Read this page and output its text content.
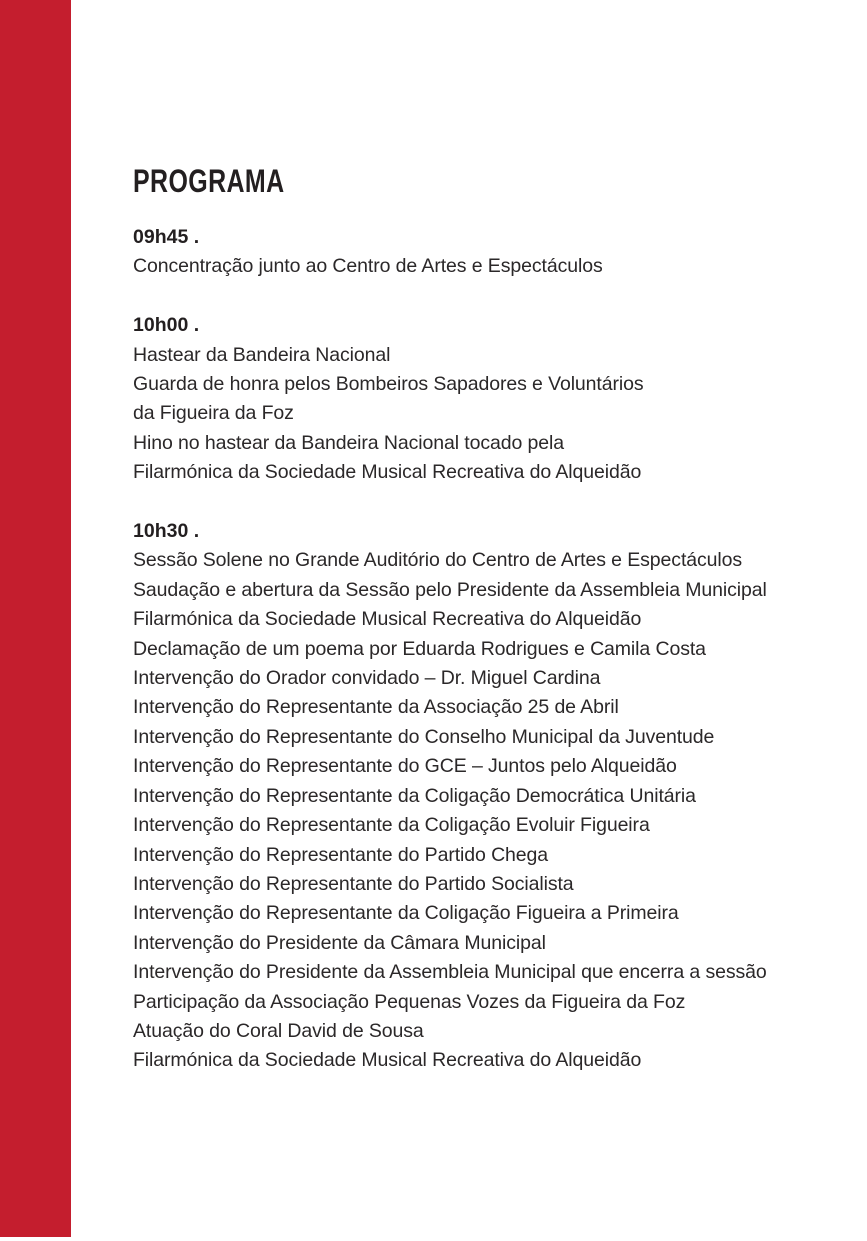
PROGRAMA
09h45 .

Concentração junto ao Centro de Artes e Espectáculos

10h00 .

Hastear da Bandeira Nacional

Guarda de honra pelos Bombeiros Sapadores e Voluntários

da Figueira da Foz

Hino no hastear da Bandeira Nacional tocado pela

Filarmónica da Sociedade Musical Recreativa do Alqueidão

10h30 .

Sessão Solene no Grande Auditório do Centro de Artes e Espectáculos

Saudação e abertura da Sessão pelo Presidente da Assembleia Municipal

Filarmónica da Sociedade Musical Recreativa do Alqueidão

Declamação de um poema por Eduarda Rodrigues e Camila Costa

Intervenção do Orador convidado – Dr. Miguel Cardina

Intervenção do Representante da Associação 25 de Abril

Intervenção do Representante do Conselho Municipal da Juventude

Intervenção do Representante do GCE – Juntos pelo Alqueidão

Intervenção do Representante da Coligação Democrática Unitária

Intervenção do Representante da Coligação Evoluir Figueira

Intervenção do Representante do Partido Chega

Intervenção do Representante do Partido Socialista

Intervenção do Representante da Coligação Figueira a Primeira

Intervenção do Presidente da Câmara Municipal

Intervenção do Presidente da Assembleia Municipal que encerra a sessão

Participação da Associação Pequenas Vozes da Figueira da Foz

Atuação do Coral David de Sousa

Filarmónica da Sociedade Musical Recreativa do Alqueidão
